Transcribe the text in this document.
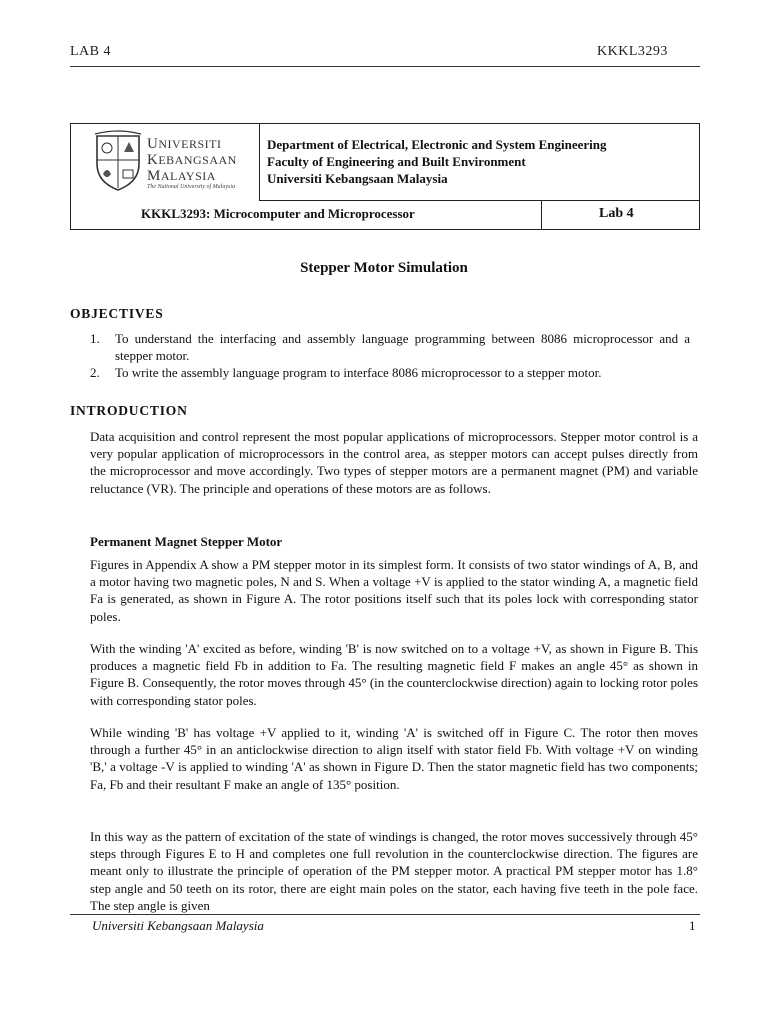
LAB 4	KKKL3293
UNIVERSITI
KEBANGSAAN
MALAYSIA
The National University of Malaysia
Department of Electrical, Electronic and System Engineering
Faculty of Engineering and Built Environment
Universiti Kebangsaan Malaysia
KKKL3293: Microcomputer and Microprocessor	Lab 4
Stepper Motor Simulation
OBJECTIVES
1. To understand the interfacing and assembly language programming between 8086 microprocessor and a stepper motor.
2. To write the assembly language program to interface 8086 microprocessor to a stepper motor.
INTRODUCTION
Data acquisition and control represent the most popular applications of microprocessors. Stepper motor control is a very popular application of microprocessors in the control area, as stepper motors can accept pulses directly from the microprocessor and move accordingly. Two types of stepper motors are a permanent magnet (PM) and variable reluctance (VR). The principle and operations of these motors are as follows.
Permanent Magnet Stepper Motor
Figures in Appendix A show a PM stepper motor in its simplest form. It consists of two stator windings of A, B, and a motor having two magnetic poles, N and S. When a voltage +V is applied to the stator winding A, a magnetic field Fa is generated, as shown in Figure A. The rotor positions itself such that its poles lock with corresponding stator poles.
With the winding 'A' excited as before, winding 'B' is now switched on to a voltage +V, as shown in Figure B. This produces a magnetic field Fb in addition to Fa. The resulting magnetic field F makes an angle 45° as shown in Figure B. Consequently, the rotor moves through 45° (in the counterclockwise direction) again to locking rotor poles with corresponding stator poles.
While winding 'B' has voltage +V applied to it, winding 'A' is switched off in Figure C. The rotor then moves through a further 45° in an anticlockwise direction to align itself with stator field Fb. With voltage +V on winding 'B,' a voltage -V is applied to winding 'A' as shown in Figure D. Then the stator magnetic field has two components; Fa, Fb and their resultant F make an angle of 135° position.
In this way as the pattern of excitation of the state of windings is changed, the rotor moves successively through 45° steps through Figures E to H and completes one full revolution in the counterclockwise direction. The figures are meant only to illustrate the principle of operation of the PM stepper motor. A practical PM stepper motor has 1.8° step angle and 50 teeth on its rotor, there are eight main poles on the stator, each having five teeth in the pole face. The step angle is given
Universiti Kebangsaan Malaysia	1
